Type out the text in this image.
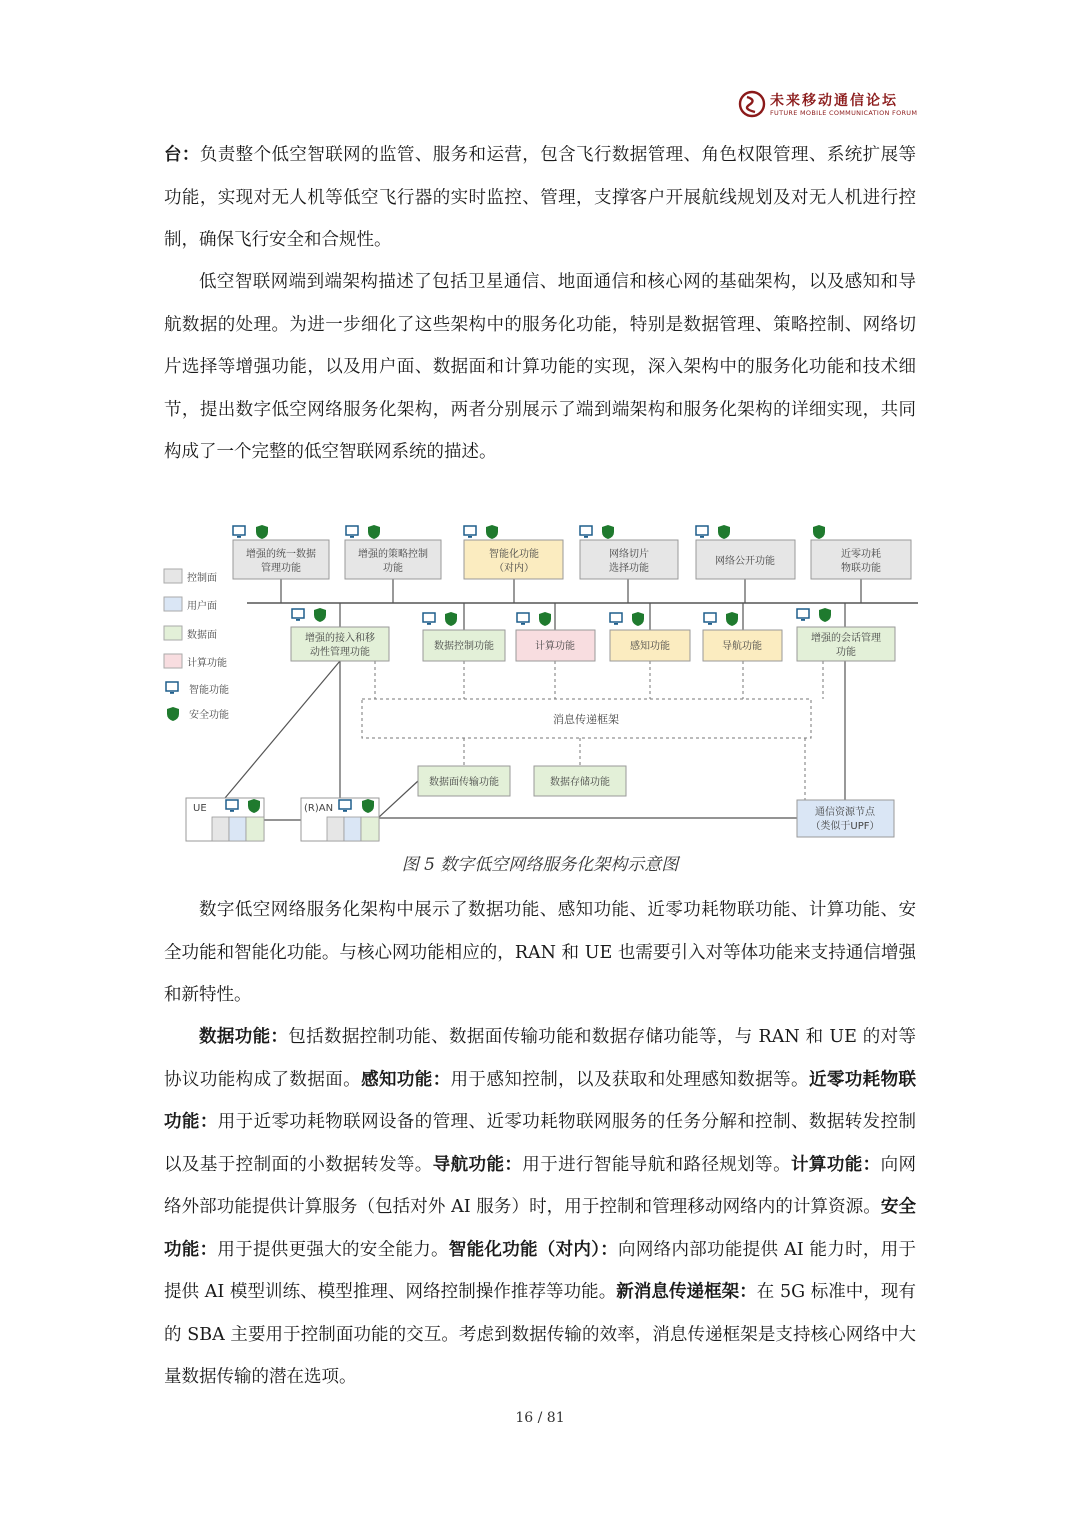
未来移动通信论坛
FUTURE MOBILE COMMUNICATION FORUM

台：负责整个低空智联网的监管、服务和运营，包含飞行数据管理、角色权限管理、系统扩展等功能，实现对无人机等低空飞行器的实时监控、管理，支撑客户开展航线规划及对无人机进行控制，确保飞行安全和合规性。

低空智联网端到端架构描述了包括卫星通信、地面通信和核心网的基础架构，以及感知和导航数据的处理。为进一步细化了这些架构中的服务化功能，特别是数据管理、策略控制、网络切片选择等增强功能，以及用户面、数据面和计算功能的实现，深入架构中的服务化功能和技术细节，提出数字低空网络服务化架构，两者分别展示了端到端架构和服务化架构的详细实现，共同构成了一个完整的低空智联网系统的描述。

控制面
用户面
数据面
计算功能
智能功能
安全功能
增强的统一数据
管理功能
增强的策略控制
功能
智能化功能
（对内）
网络切片
选择功能
网络公开功能
近零功耗
物联功能
增强的接入和移
动性管理功能
数据控制功能	计算功能	感知功能	导航功能
增强的会话管理
功能
消息传递框架
数据面传输功能	数据存储功能
UE	(R)AN	通信资源节点
（类似于UPF）
图 5 数字低空网络服务化架构示意图

数字低空网络服务化架构中展示了数据功能、感知功能、近零功耗物联功能、计算功能、安全功能和智能化功能。与核心网功能相应的，RAN 和 UE 也需要引入对等体功能来支持通信增强和新特性。

数据功能：包括数据控制功能、数据面传输功能和数据存储功能等，与 RAN 和 UE 的对等协议功能构成了数据面。感知功能：用于感知控制，以及获取和处理感知数据等。近零功耗物联功能：用于近零功耗物联网设备的管理、近零功耗物联网服务的任务分解和控制、数据转发控制以及基于控制面的小数据转发等。导航功能：用于进行智能导航和路径规划等。计算功能：向网络外部功能提供计算服务（包括对外 AI 服务）时，用于控制和管理移动网络内的计算资源。安全功能：用于提供更强大的安全能力。智能化功能（对内）：向网络内部功能提供 AI 能力时，用于提供 AI 模型训练、模型推理、网络控制操作推荐等功能。新消息传递框架：在 5G 标准中，现有的 SBA 主要用于控制面功能的交互。考虑到数据传输的效率，消息传递框架是支持核心网络中大量数据传输的潜在选项。

16 / 81
